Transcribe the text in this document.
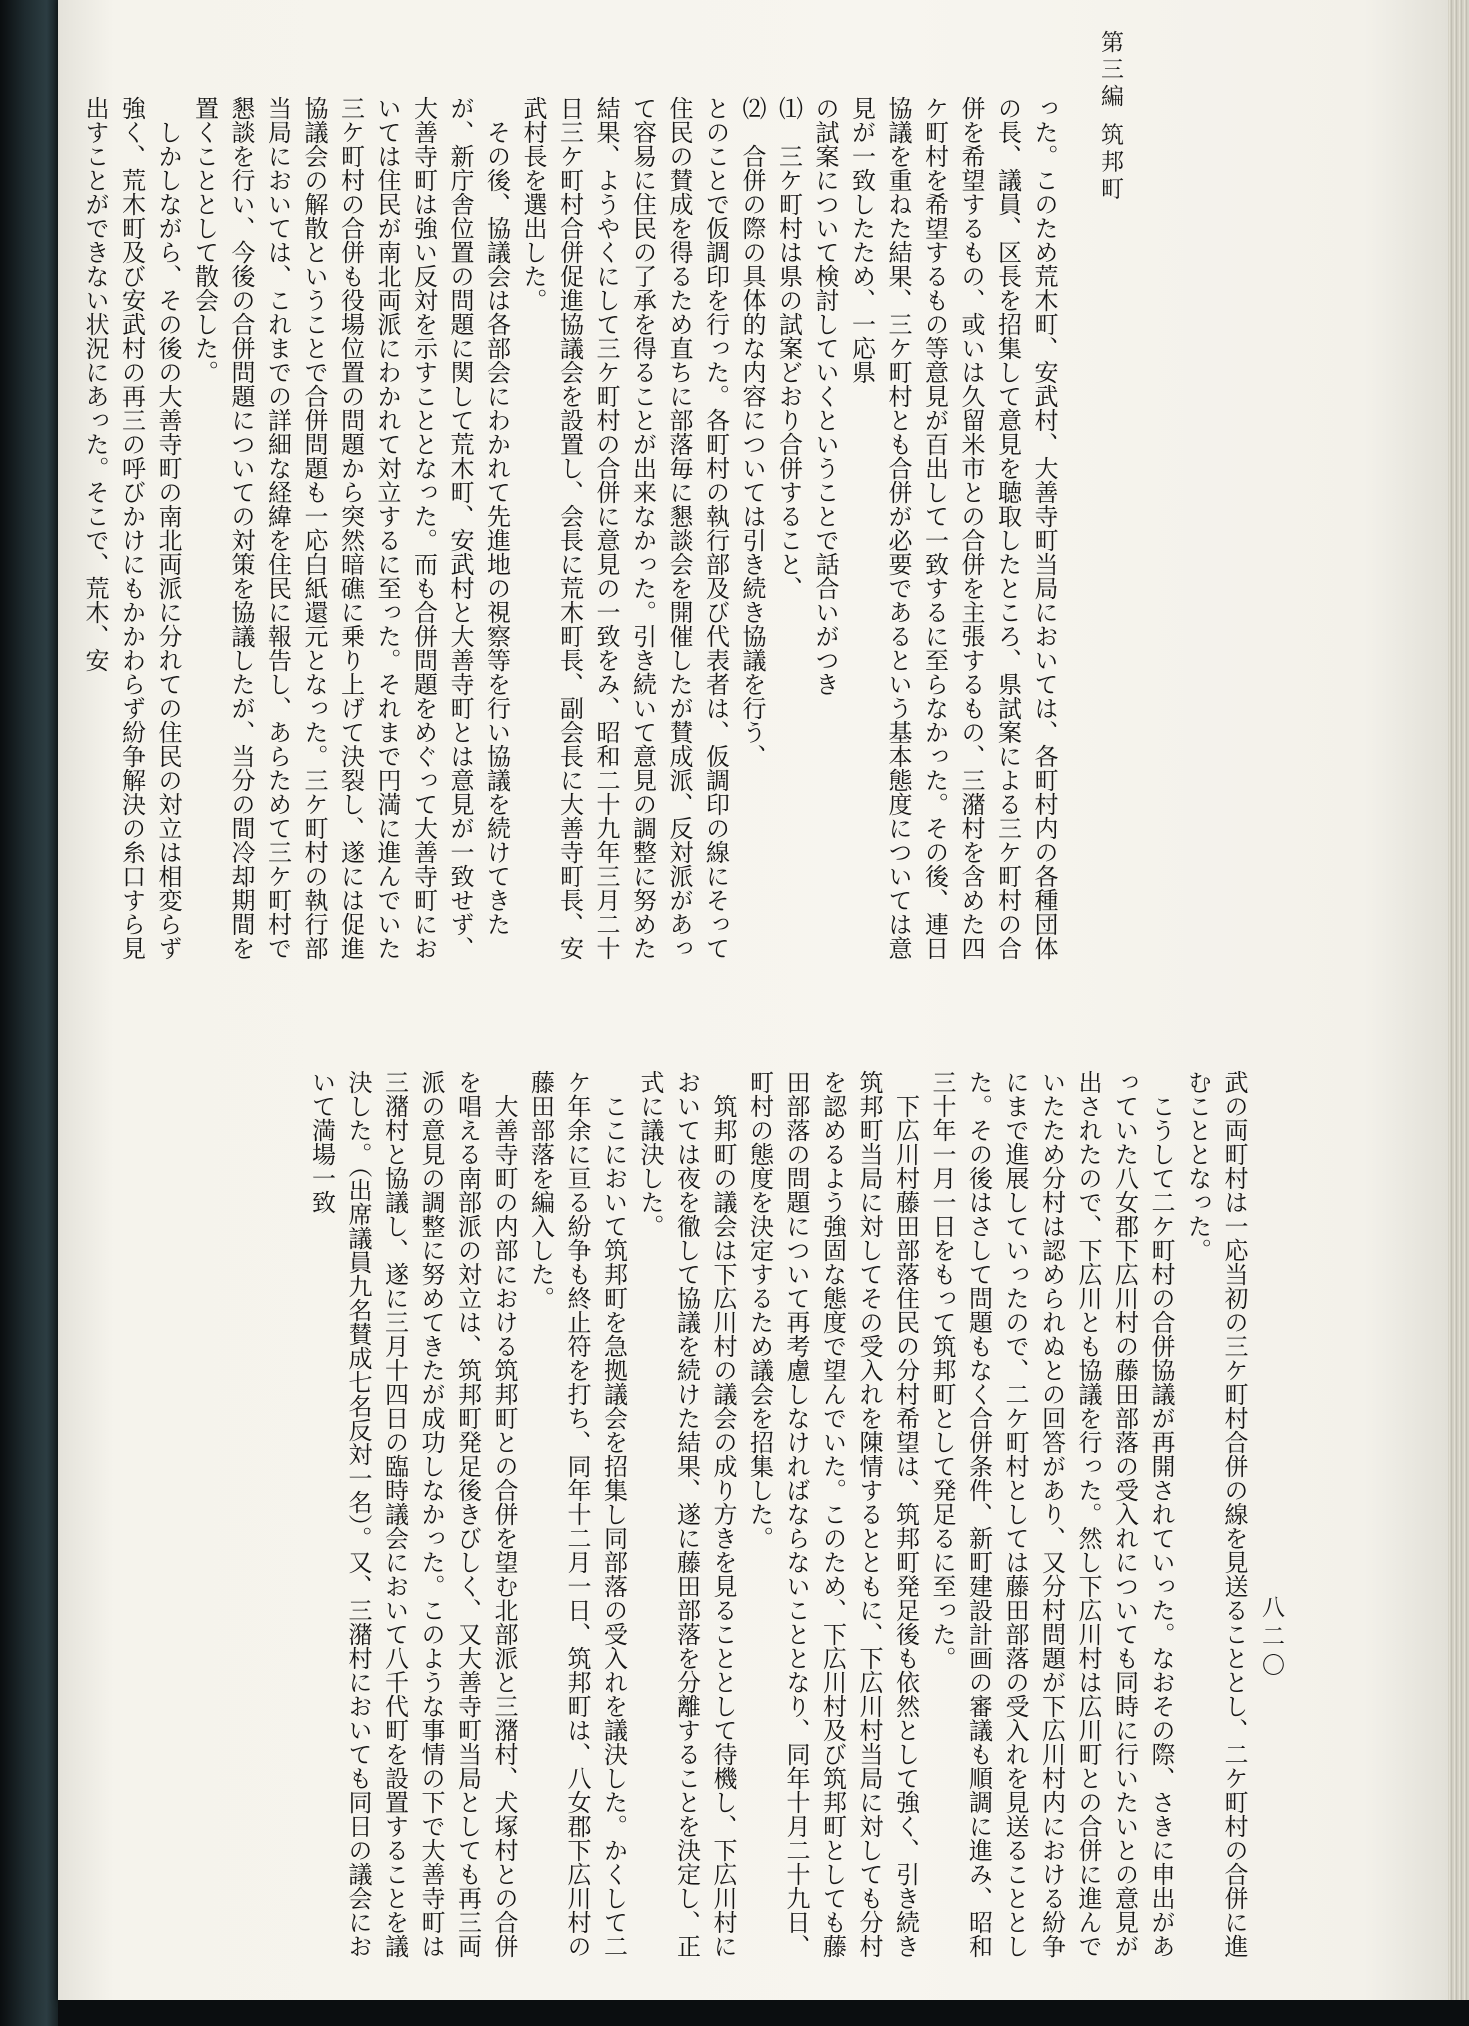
第三編 筑邦町
八二〇

った。このため荒木町、安武村、大善寺町当局においては、各町村内の各種団体の長、議員、区長を招集して意見を聴取したところ、県試案による三ケ町村の合併を希望するもの、或いは久留米市との合併を主張するもの、三潴村を含めた四ケ町村を希望するもの等意見が百出して一致するに至らなかった。その後、連日協議を重ねた結果、三ケ町村とも合併が必要であるという基本態度については意見が一致したため、一応県

の試案について検討していくということで話合いがつき

⑴　三ケ町村は県の試案どおり合併すること、

⑵　合併の際の具体的な内容については引き続き協議を行う、

とのことで仮調印を行った。各町村の執行部及び代表者は、仮調印の線にそって住民の賛成を得るため直ちに部落毎に懇談会を開催したが賛成派、反対派があって容易に住民の了承を得ることが出来なかった。引き続いて意見の調整に努めた結果、ようやくにして三ケ町村の合併に意見の一致をみ、昭和二十九年三月二十日三ケ町村合併促進協議会を設置し、会長に荒木町長、副会長に大善寺町長、安武村長を選出した。

その後、協議会は各部会にわかれて先進地の視察等を行い協議を続けてきたが、新庁舎位置の問題に関して荒木町、安武村と大善寺町とは意見が一致せず、大善寺町は強い反対を示すこととなった。而も合併問題をめぐって大善寺町においては住民が南北両派にわかれて対立するに至った。それまで円満に進んでいた三ケ町村の合併も役場位置の問題から突然暗礁に乗り上げて決裂し、遂には促進協議会の解散ということで合併問題も一応白紙還元となった。三ケ町村の執行部当局においては、これまでの詳細な経緯を住民に報告し、あらためて三ケ町村で懇談を行い、今後の合併問題についての対策を協議したが、当分の間冷却期間を置くこととして散会した。

しかしながら、その後の大善寺町の南北両派に分れての住民の対立は相変らず強く、荒木町及び安武村の再三の呼びかけにもかかわらず紛争解決の糸口すら見出すことができない状況にあった。そこで、荒木、安

武の両町村は一応当初の三ケ町村合併の線を見送ることとし、二ケ町村の合併に進むこととなった。

こうして二ケ町村の合併協議が再開されていった。なおその際、さきに申出があっていた八女郡下広川村の藤田部落の受入れについても同時に行いたいとの意見が出されたので、下広川とも協議を行った。然し下広川村は広川町との合併に進んでいたため分村は認められぬとの回答があり、又分村問題が下広川村内における紛争にまで進展していったので、二ケ町村としては藤田部落の受入れを見送ることとした。その後はさして問題もなく合併条件、新町建設計画の審議も順調に進み、昭和三十年一月一日をもって筑邦町として発足るに至った。

下広川村藤田部落住民の分村希望は、筑邦町発足後も依然として強く、引き続き筑邦町当局に対してその受入れを陳情するとともに、下広川村当局に対しても分村を認めるよう強固な態度で望んでいた。このため、下広川村及び筑邦町としても藤田部落の問題について再考慮しなければならないこととなり、同年十月二十九日、町村の態度を決定するため議会を招集した。

筑邦町の議会は下広川村の議会の成り方きを見ることとして待機し、下広川村においては夜を徹して協議を続けた結果、遂に藤田部落を分離することを決定し、正式に議決した。

ここにおいて筑邦町を急拠議会を招集し同部落の受入れを議決した。かくして二ケ年余に亘る紛争も終止符を打ち、同年十二月一日、筑邦町は、八女郡下広川村の藤田部落を編入した。

大善寺町の内部における筑邦町との合併を望む北部派と三潴村、犬塚村との合併を唱える南部派の対立は、筑邦町発足後きびしく、又大善寺町当局としても再三両派の意見の調整に努めてきたが成功しなかった。このような事情の下で大善寺町は三潴村と協議し、遂に三月十四日の臨時議会において八千代町を設置することを議決した。（出席議員九名賛成七名反対一名）。又、三潴村においても同日の議会において満場一致
